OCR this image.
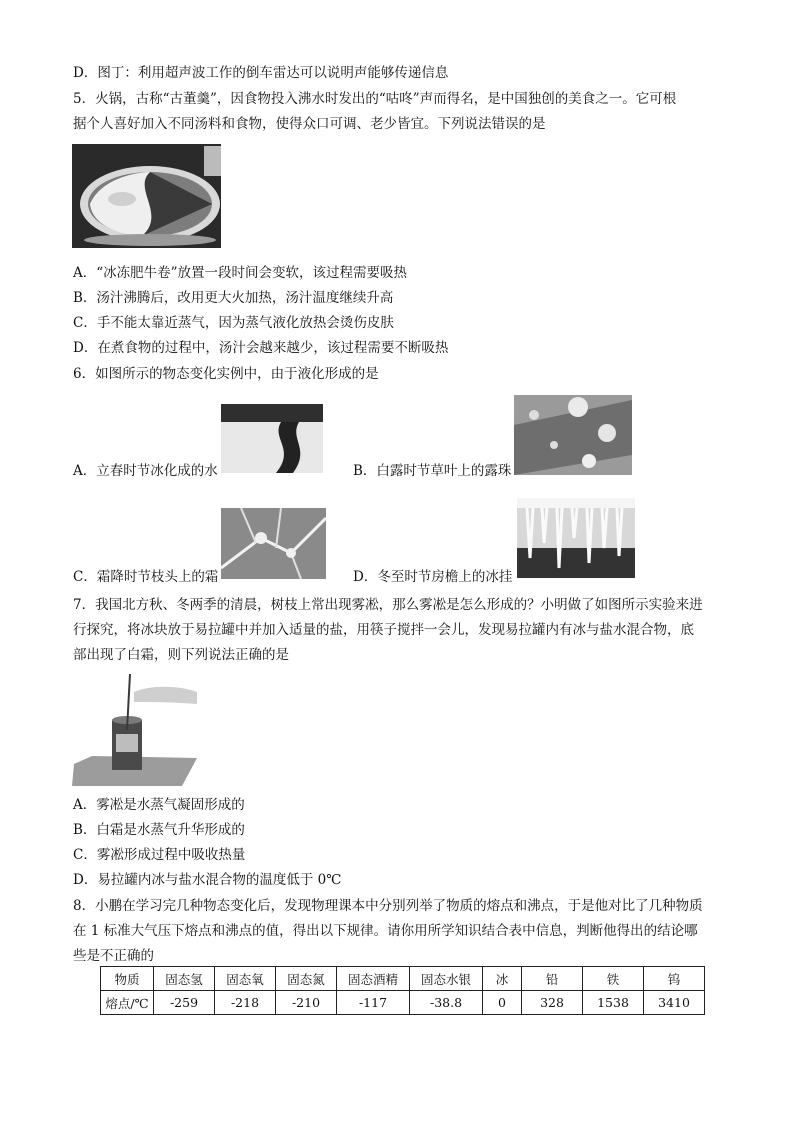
D．图丁：利用超声波工作的倒车雷达可以说明声能够传递信息
5．火锅，古称“古董羹”，因食物投入沸水时发出的“咕咚”声而得名，是中国独创的美食之一。它可根
据个人喜好加入不同汤料和食物，使得众口可调、老少皆宜。下列说法错误的是
A．“冰冻肥牛卷”放置一段时间会变软，该过程需要吸热
B．汤汁沸腾后，改用更大火加热，汤汁温度继续升高
C．手不能太靠近蒸气，因为蒸气液化放热会烫伤皮肤
D．在煮食物的过程中，汤汁会越来越少，该过程需要不断吸热
6．如图所示的物态变化实例中，由于液化形成的是
A．立春时节冰化成的水	B．白露时节草叶上的露珠
C．霜降时节枝头上的霜	D．冬至时节房檐上的冰挂
7．我国北方秋、冬两季的清晨，树枝上常出现雾凇，那么雾凇是怎么形成的？小明做了如图所示实验来进
行探究，将冰块放于易拉罐中并加入适量的盐，用筷子搅拌一会儿，发现易拉罐内有冰与盐水混合物，底
部出现了白霜，则下列说法正确的是
A．雾凇是水蒸气凝固形成的
B．白霜是水蒸气升华形成的
C．雾凇形成过程中吸收热量
D．易拉罐内冰与盐水混合物的温度低于 0℃
8．小鹏在学习完几种物态变化后，发现物理课本中分别列举了物质的熔点和沸点，于是他对比了几种物质
在 1 标准大气压下熔点和沸点的值，得出以下规律。请你用所学知识结合表中信息，判断他得出的结论哪
些是不正确的
物质	固态氢	固态氧	固态氮	固态酒精	固态水银	冰	铅	铁	钨
熔点/℃	-259	-218	-210	-117	-38.8	0	328	1538	3410
